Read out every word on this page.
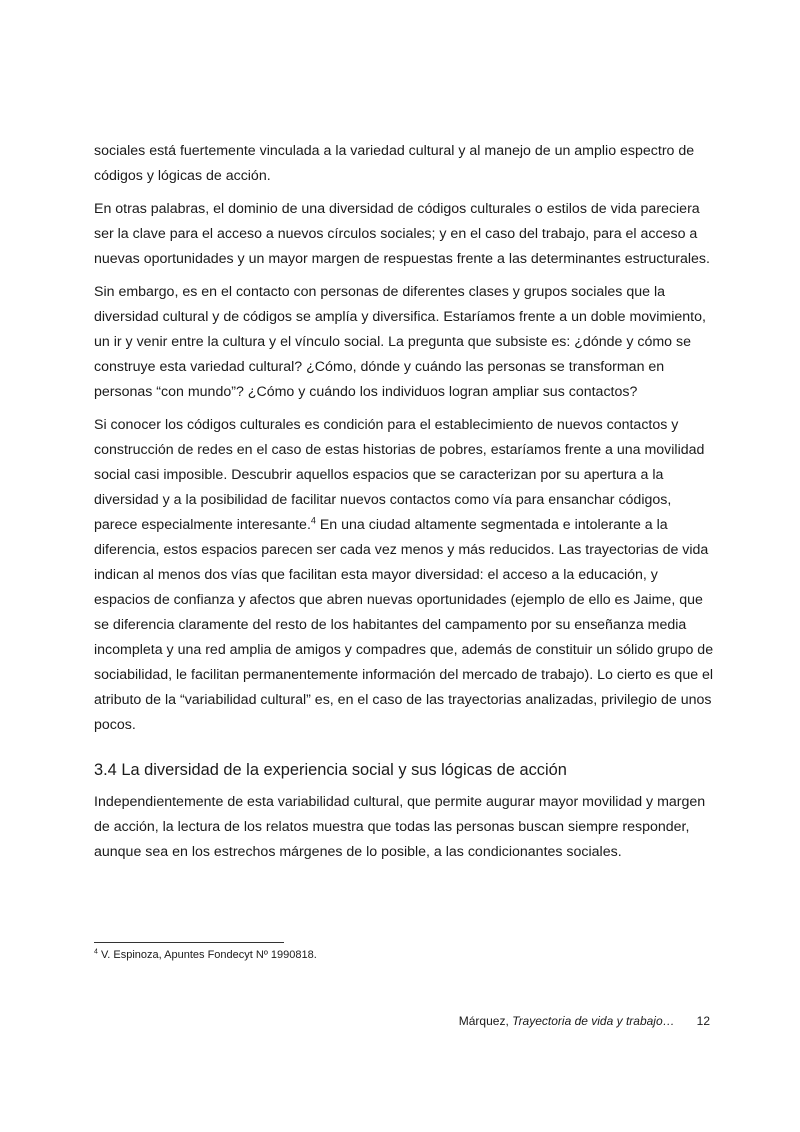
sociales está fuertemente vinculada a la variedad cultural y al manejo de un amplio espectro de códigos y lógicas de acción.

En otras palabras, el dominio de una diversidad de códigos culturales o estilos de vida pareciera ser la clave para el acceso a nuevos círculos sociales; y en el caso del trabajo, para el acceso a nuevas oportunidades y un mayor margen de respuestas frente a las determinantes estructurales.

Sin embargo, es en el contacto con personas de diferentes clases y grupos sociales que la diversidad cultural y de códigos se amplía y diversifica. Estaríamos frente a un doble movimiento, un ir y venir entre la cultura y el vínculo social. La pregunta que subsiste es: ¿dónde y cómo se construye esta variedad cultural? ¿Cómo, dónde y cuándo las personas se transforman en personas “con mundo”? ¿Cómo y cuándo los individuos logran ampliar sus contactos?

Si conocer los códigos culturales es condición para el establecimiento de nuevos contactos y construcción de redes en el caso de estas historias de pobres, estaríamos frente a una movilidad social casi imposible. Descubrir aquellos espacios que se caracterizan por su apertura a la diversidad y a la posibilidad de facilitar nuevos contactos como vía para ensanchar códigos, parece especialmente interesante.$^4$ En una ciudad altamente segmentada e intolerante a la diferencia, estos espacios parecen ser cada vez menos y más reducidos. Las trayectorias de vida indican al menos dos vías que facilitan esta mayor diversidad: el acceso a la educación, y espacios de confianza y afectos que abren nuevas oportunidades (ejemplo de ello es Jaime, que se diferencia claramente del resto de los habitantes del campamento por su enseñanza media incompleta y una red amplia de amigos y compadres que, además de constituir un sólido grupo de sociabilidad, le facilitan permanentemente información del mercado de trabajo). Lo cierto es que el atributo de la “variabilidad cultural” es, en el caso de las trayectorias analizadas, privilegio de unos pocos.

3.4 La diversidad de la experiencia social y sus lógicas de acción

Independientemente de esta variabilidad cultural, que permite augurar mayor movilidad y margen de acción, la lectura de los relatos muestra que todas las personas buscan siempre responder, aunque sea en los estrechos márgenes de lo posible, a las condicionantes sociales.

$^4$ V. Espinoza, Apuntes Fondecyt Nº 1990818.
Márquez, Trayectoria de vida y trabajo… 12
